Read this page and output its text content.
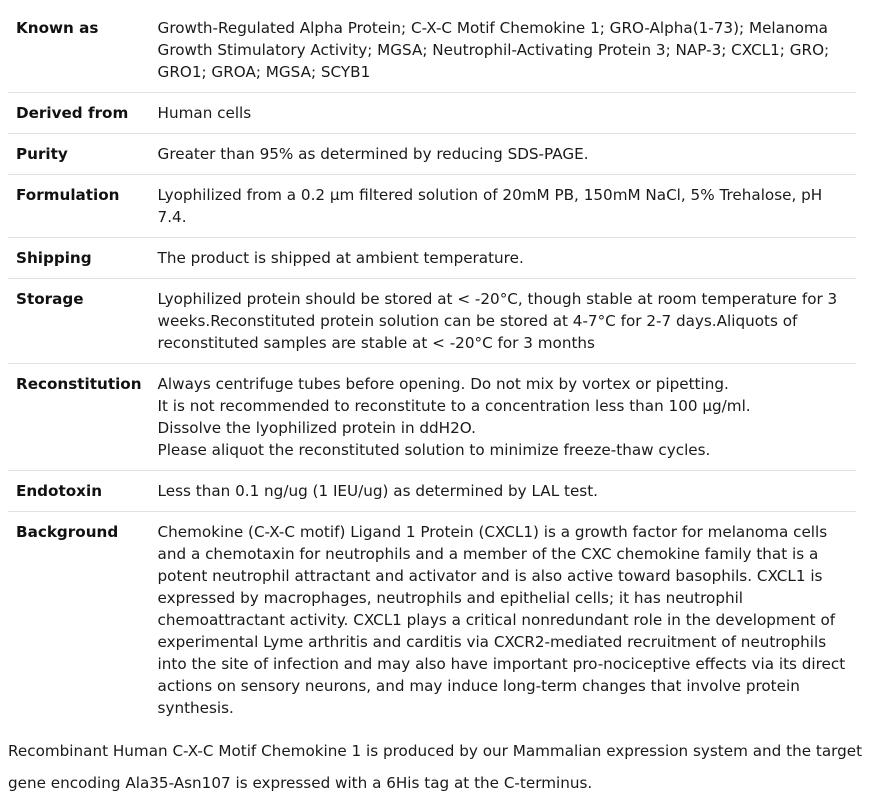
Known as	Growth-Regulated Alpha Protein; C-X-C Motif Chemokine 1; GRO-Alpha(1-73); Melanoma Growth Stimulatory Activity; MGSA; Neutrophil-Activating Protein 3; NAP-3; CXCL1; GRO; GRO1; GROA; MGSA; SCYB1
Derived from	Human cells
Purity	Greater than 95% as determined by reducing SDS-PAGE.
Formulation	Lyophilized from a 0.2 μm filtered solution of 20mM PB, 150mM NaCl, 5% Trehalose, pH 7.4.
Shipping	The product is shipped at ambient temperature.
Storage	Lyophilized protein should be stored at < -20°C, though stable at room temperature for 3 weeks.Reconstituted protein solution can be stored at 4-7°C for 2-7 days.Aliquots of reconstituted samples are stable at < -20°C for 3 months
Reconstitution	Always centrifuge tubes before opening. Do not mix by vortex or pipetting.
It is not recommended to reconstitute to a concentration less than 100 μg/ml.
Dissolve the lyophilized protein in ddH2O.
Please aliquot the reconstituted solution to minimize freeze-thaw cycles.

Endotoxin	Less than 0.1 ng/ug (1 IEU/ug) as determined by LAL test.
Background	Chemokine (C-X-C motif) Ligand 1 Protein (CXCL1) is a growth factor for melanoma cells and a chemotaxin for neutrophils and a member of the CXC chemokine family that is a potent neutrophil attractant and activator and is also active toward basophils. CXCL1 is expressed by macrophages, neutrophils and epithelial cells; it has neutrophil chemoattractant activity. CXCL1 plays a critical nonredundant role in the development of experimental Lyme arthritis and carditis via CXCR2-mediated recruitment of neutrophils into the site of infection and may also have important pro-nociceptive effects via its direct actions on sensory neurons, and may induce long-term changes that involve protein synthesis.

Recombinant Human C-X-C Motif Chemokine 1 is produced by our Mammalian expression system and the target gene encoding Ala35-Asn107 is expressed with a 6His tag at the C-terminus.
